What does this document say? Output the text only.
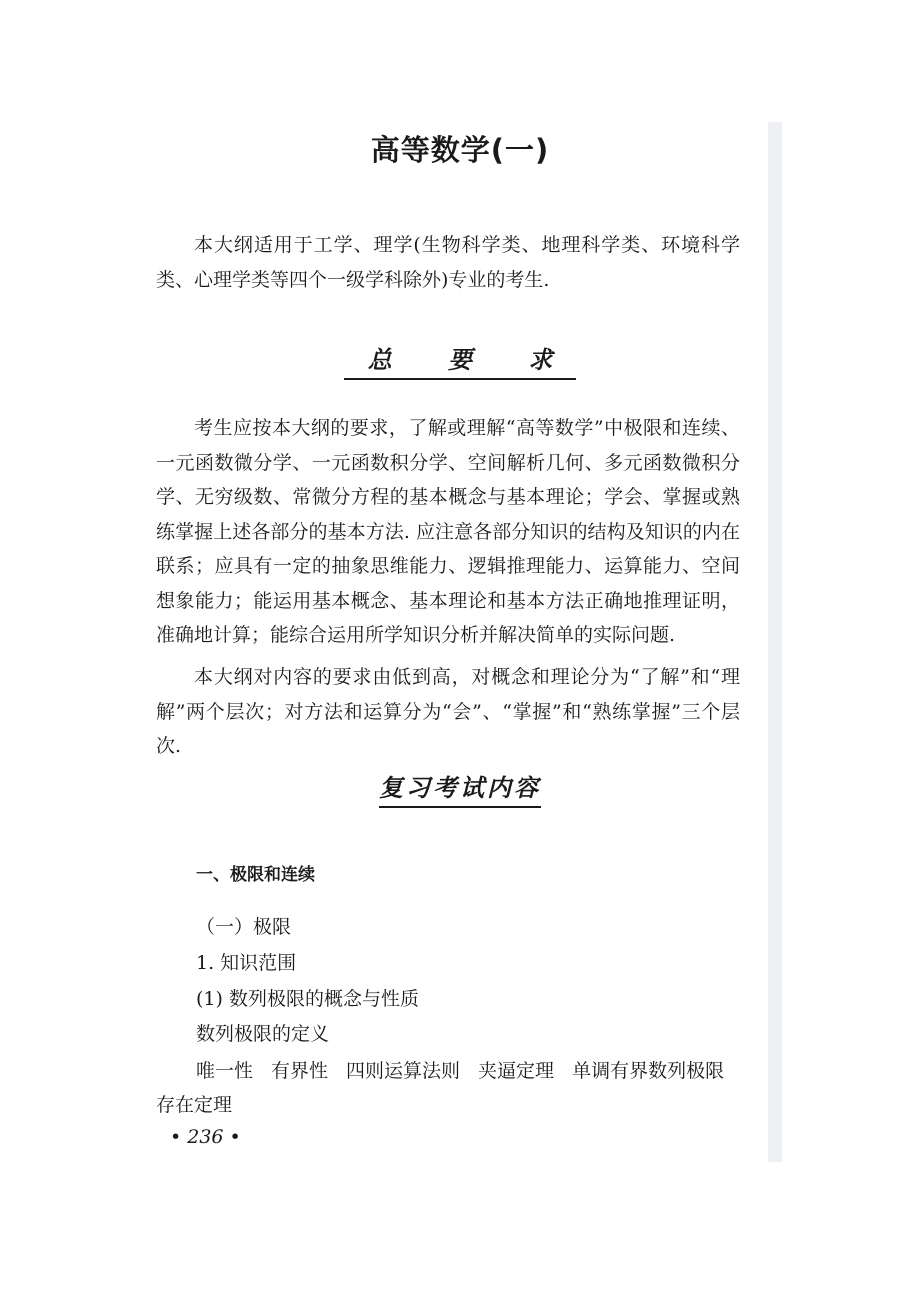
高等数学(一)

本大纲适用于工学、理学(生物科学类、地理科学类、环境科学类、心理学类等四个一级学科除外)专业的考生.

总 要 求

考生应按本大纲的要求，了解或理解“高等数学”中极限和连续、一元函数微分学、一元函数积分学、空间解析几何、多元函数微积分学、无穷级数、常微分方程的基本概念与基本理论；学会、掌握或熟练掌握上述各部分的基本方法. 应注意各部分知识的结构及知识的内在联系；应具有一定的抽象思维能力、逻辑推理能力、运算能力、空间想象能力；能运用基本概念、基本理论和基本方法正确地推理证明，准确地计算；能综合运用所学知识分析并解决简单的实际问题.

本大纲对内容的要求由低到高，对概念和理论分为“了解”和“理解”两个层次；对方法和运算分为“会”、“掌握”和“熟练掌握”三个层次.

复习考试内容
一、极限和连续
（一）极限
1. 知识范围
(1) 数列极限的概念与性质
数列极限的定义

唯一性 有界性 四则运算法则 夹逼定理 单调有界数列极限存在定理

• 236 •
